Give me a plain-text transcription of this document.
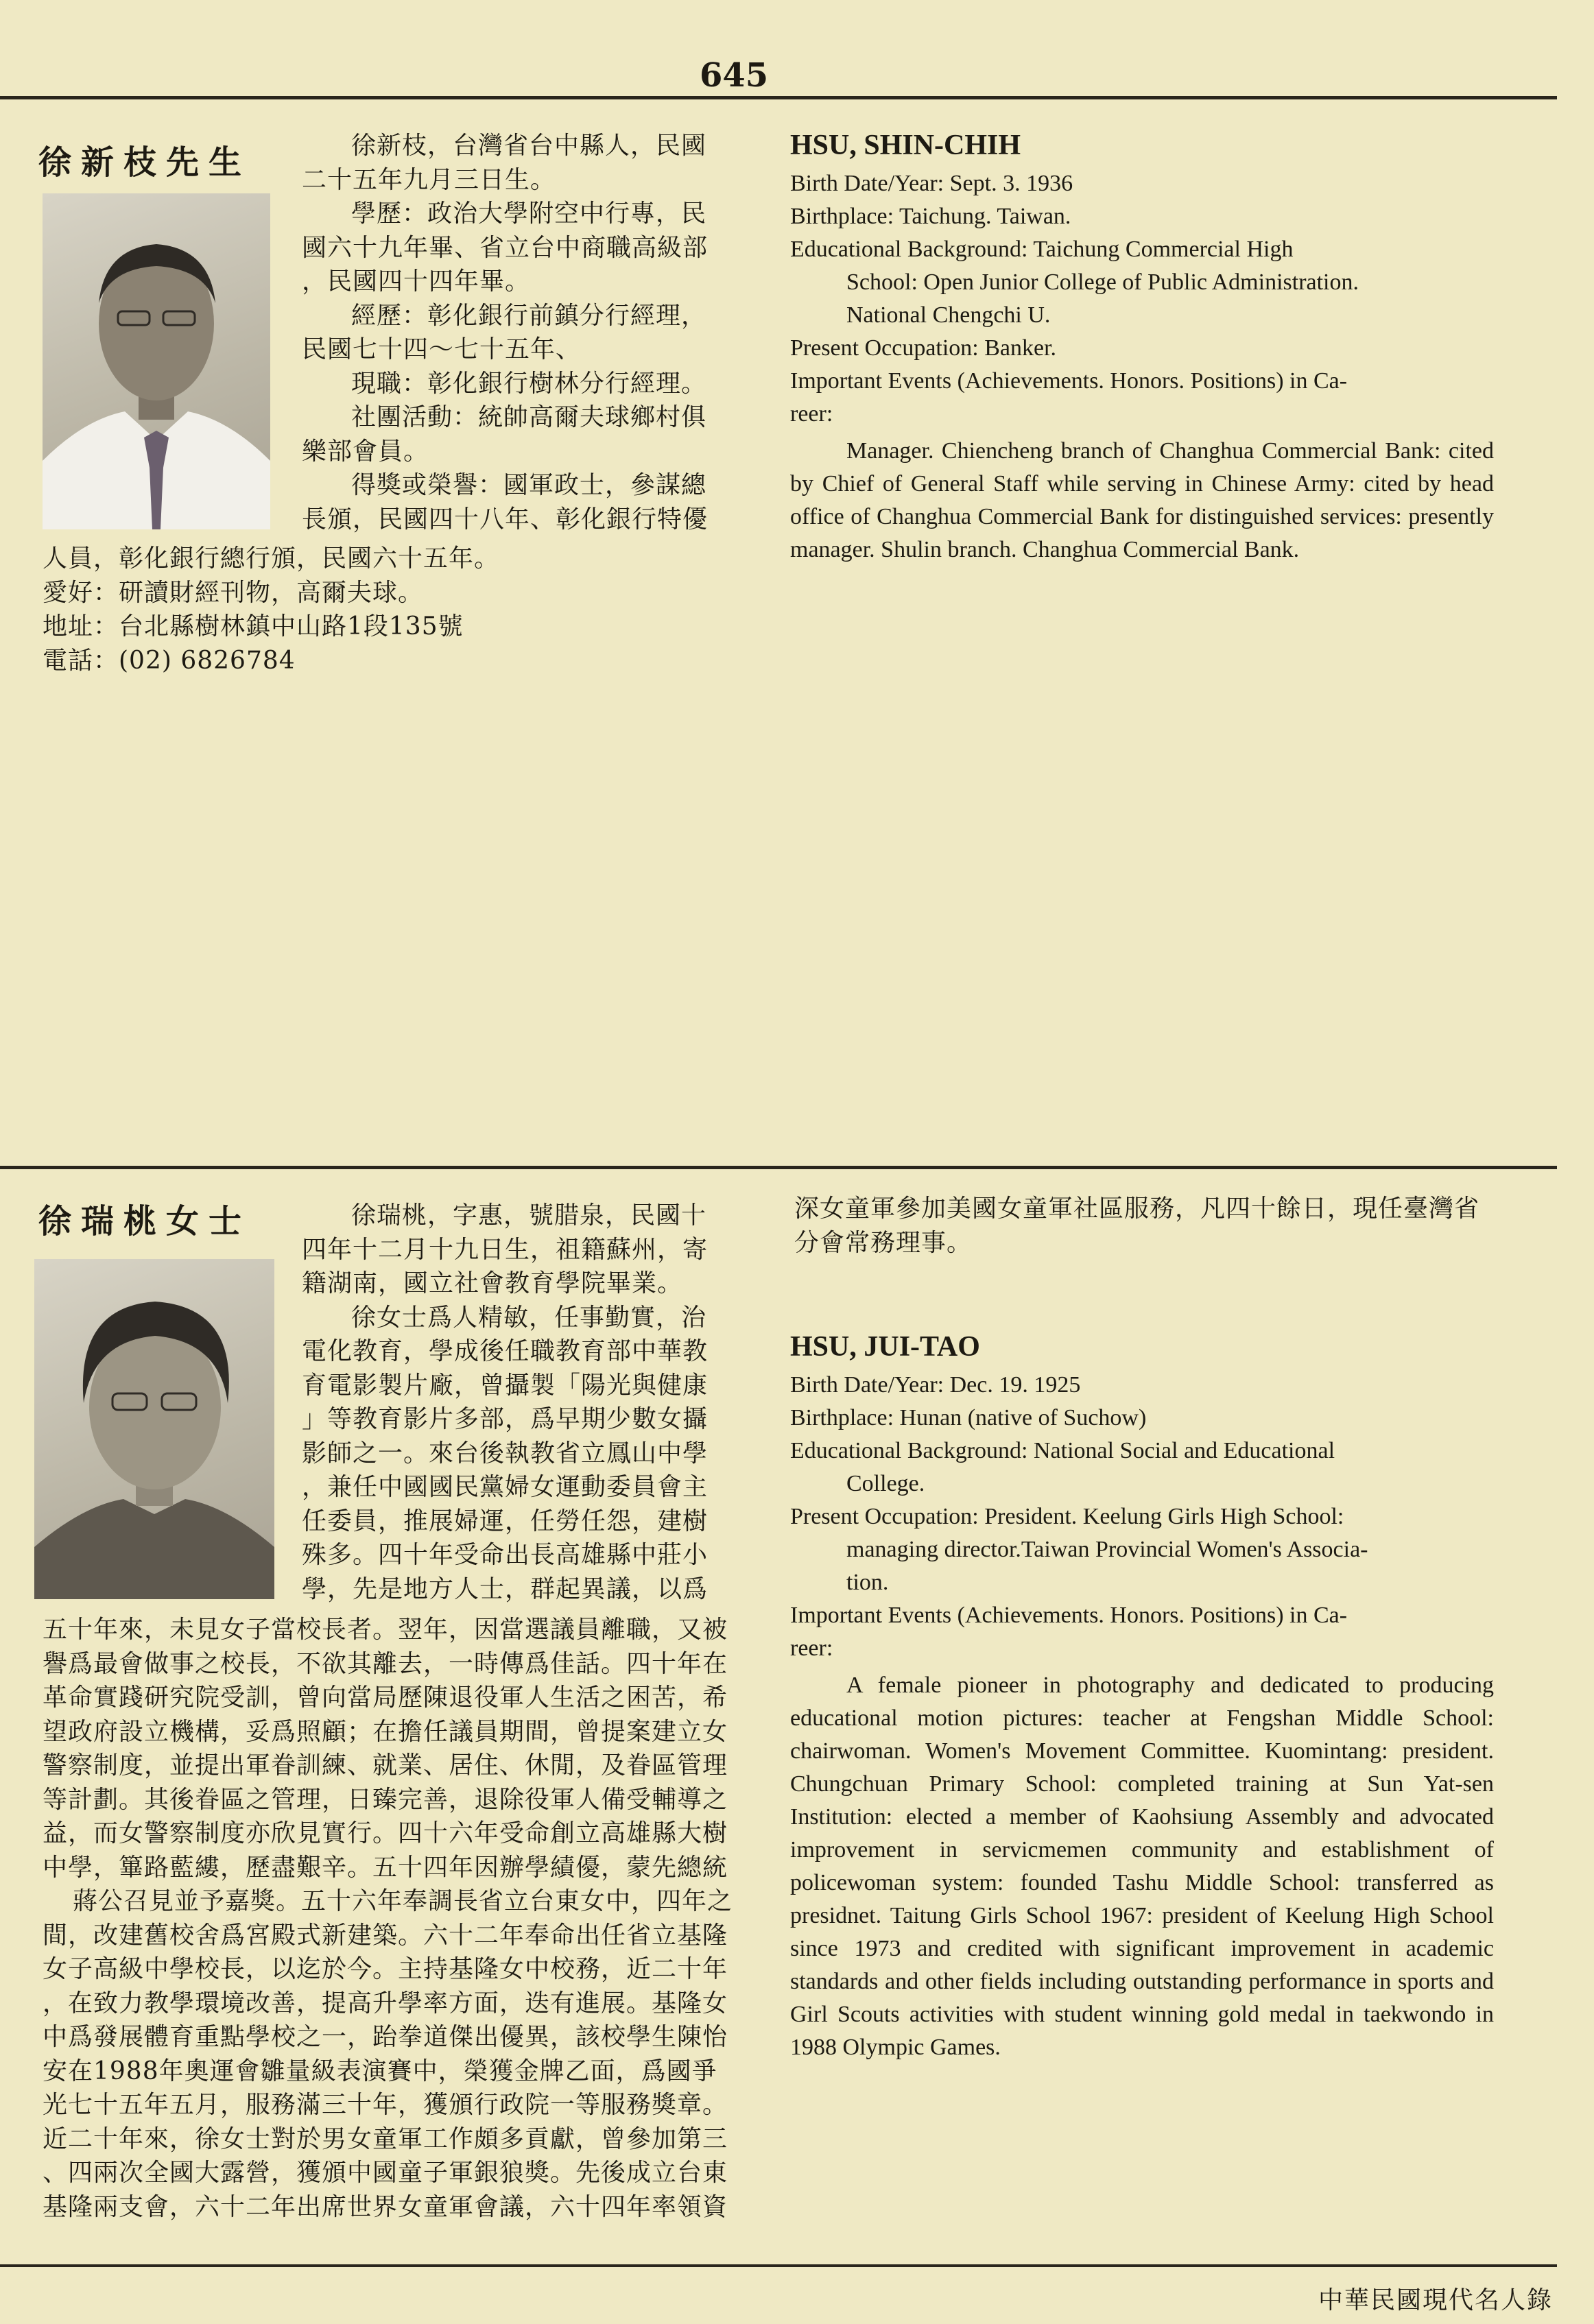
645
徐新枝先生	徐新枝，台灣省台中縣人，民國
二十五年九月三日生。
學歷：政治大學附空中行專，民
國六十九年畢、省立台中商職高級部
，民國四十四年畢。
經歷：彰化銀行前鎮分行經理，
民國七十四～七十五年、
現職：彰化銀行樹林分行經理。
社團活動：統帥高爾夫球鄉村俱
樂部會員。
得獎或榮譽：國軍政士，參謀總
長頒，民國四十八年、彰化銀行特優
人員，彰化銀行總行頒，民國六十五年。
愛好：研讀財經刊物，高爾夫球。
地址：台北縣樹林鎮中山路1段135號
電話：(02) 6826784
HSU, SHIN-CHIH
Birth Date/Year: Sept. 3. 1936
Birthplace: Taichung. Taiwan.
Educational Background: Taichung Commercial High
School: Open Junior College of Public Administration.
National Chengchi U.
Present Occupation: Banker.
Important Events (Achievements. Honors. Positions) in Ca-
reer:
Manager. Chiencheng branch of Changhua Commercial Bank: cited by Chief of General Staff while serving in Chinese Army: cited by head office of Changhua Commercial Bank for distinguished services: presently manager. Shulin branch. Changhua Commercial Bank.
徐瑞桃女士	徐瑞桃，字惠，號腊泉，民國十
四年十二月十九日生，祖籍蘇州，寄
籍湖南，國立社會教育學院畢業。
徐女士爲人精敏，任事勤實，治
電化教育，學成後任職教育部中華教
育電影製片廠，曾攝製「陽光與健康
」等教育影片多部，爲早期少數女攝
影師之一。來台後執教省立鳳山中學
，兼任中國國民黨婦女運動委員會主
任委員，推展婦運，任勞任怨，建樹
殊多。四十年受命出長高雄縣中莊小
學，先是地方人士，群起異議，以爲
五十年來，未見女子當校長者。翌年，因當選議員離職，又被
譽爲最會做事之校長，不欲其離去，一時傳爲佳話。四十年在
革命實踐研究院受訓，曾向當局歷陳退役軍人生活之困苦，希
望政府設立機構，妥爲照顧；在擔任議員期間，曾提案建立女
警察制度，並提出軍眷訓練、就業、居住、休閒，及眷區管理
等計劃。其後眷區之管理，日臻完善，退除役軍人備受輔導之
益，而女警察制度亦欣見實行。四十六年受命創立高雄縣大樹
中學，篳路藍縷，歷盡艱辛。五十四年因辦學績優，蒙先總統
蔣公召見並予嘉獎。五十六年奉調長省立台東女中，四年之
間，改建舊校舍爲宮殿式新建築。六十二年奉命出任省立基隆
女子高級中學校長，以迄於今。主持基隆女中校務，近二十年
，在致力教學環境改善，提高升學率方面，迭有進展。基隆女
中爲發展體育重點學校之一，跆拳道傑出優異，該校學生陳怡
安在1988年奧運會雛量級表演賽中，榮獲金牌乙面，爲國爭
光七十五年五月，服務滿三十年，獲頒行政院一等服務獎章。
近二十年來，徐女士對於男女童軍工作頗多貢獻，曾參加第三
、四兩次全國大露營，獲頒中國童子軍銀狼獎。先後成立台東
基隆兩支會，六十二年出席世界女童軍會議，六十四年率領資
深女童軍參加美國女童軍社區服務，凡四十餘日，現任臺灣省
分會常務理事。
HSU, JUI-TAO
Birth Date/Year: Dec. 19. 1925
Birthplace: Hunan (native of Suchow)
Educational Background: National Social and Educational
College.
Present Occupation: President. Keelung Girls High School:
managing director.Taiwan Provincial Women's Associa-
tion.
Important Events (Achievements. Honors. Positions) in Ca-
reer:
A female pioneer in photography and dedicated to producing educational motion pictures: teacher at Fengshan Middle School: chairwoman. Women's Movement Committee. Kuomintang: president. Chungchuan Primary School: completed training at Sun Yat-sen Institution: elected a member of Kaohsiung Assembly and advocated improvement in servicmemen community and establishment of policewoman system: founded Tashu Middle School: transferred as presidnet. Taitung Girls School 1967: president of Keelung High School since 1973 and credited with significant improvement in academic standards and other fields including outstanding performance in sports and Girl Scouts activities with student winning gold medal in taekwondo in 1988 Olympic Games.
中華民國現代名人錄
